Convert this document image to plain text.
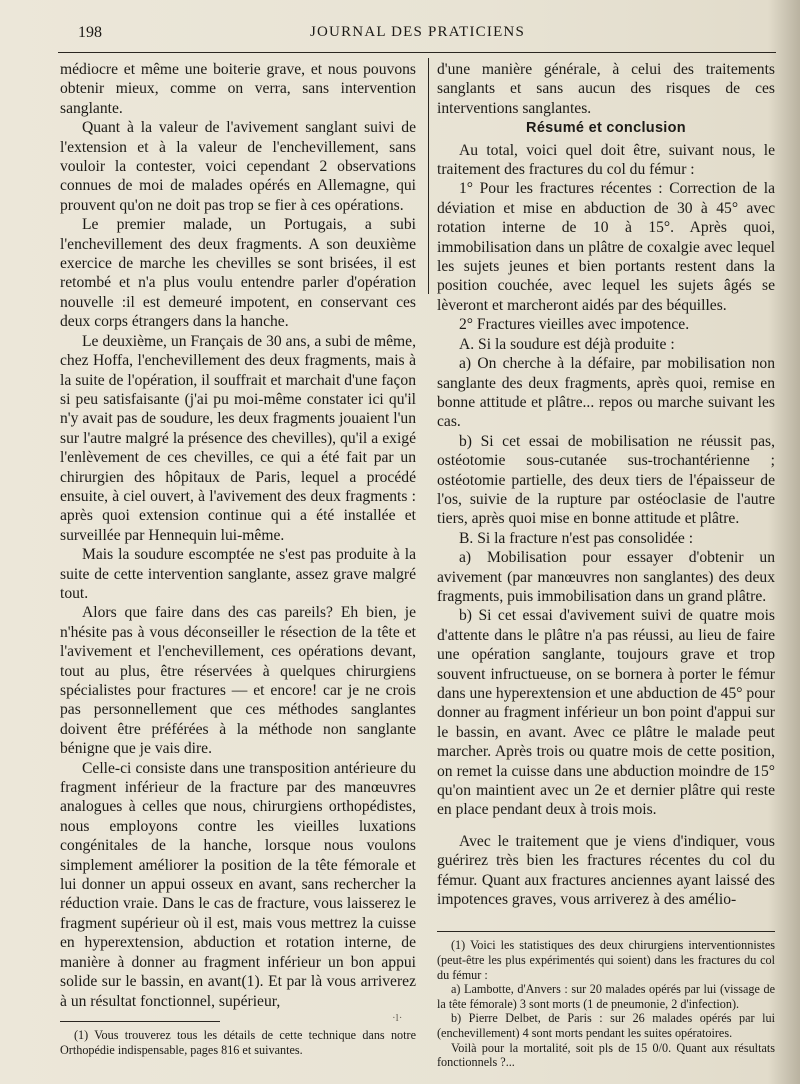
198	JOURNAL DES PRATICIENS

médiocre et même une boiterie grave, et nous pouvons obtenir mieux, comme on verra, sans intervention sanglante.

Quant à la valeur de l'avivement sanglant suivi de l'extension et à la valeur de l'enchevillement, sans vouloir la contester, voici cependant 2 observations connues de moi de malades opérés en Allemagne, qui prouvent qu'on ne doit pas trop se fier à ces opérations.

Le premier malade, un Portugais, a subi l'enchevillement des deux fragments. A son deuxième exercice de marche les chevilles se sont brisées, il est retombé et n'a plus voulu entendre parler d'opération nouvelle :il est demeuré impotent, en conservant ces deux corps étrangers dans la hanche.

Le deuxième, un Français de 30 ans, a subi de même, chez Hoffa, l'enchevillement des deux fragments, mais à la suite de l'opération, il souffrait et marchait d'une façon si peu satisfaisante (j'ai pu moi-même constater ici qu'il n'y avait pas de soudure, les deux fragments jouaient l'un sur l'autre malgré la présence des chevilles), qu'il a exigé l'enlèvement de ces chevilles, ce qui a été fait par un chirurgien des hôpitaux de Paris, lequel a procédé ensuite, à ciel ouvert, à l'avivement des deux fragments : après quoi extension continue qui a été installée et surveillée par Hennequin lui-même.

Mais la soudure escomptée ne s'est pas produite à la suite de cette intervention sanglante, assez grave malgré tout.

Alors que faire dans des cas pareils? Eh bien, je n'hésite pas à vous déconseiller le résection de la tête et l'avivement et l'enchevillement, ces opérations devant, tout au plus, être réservées à quelques chirurgiens spécialistes pour fractures — et encore! car je ne crois pas personnellement que ces méthodes sanglantes doivent être préférées à la méthode non sanglante bénigne que je vais dire.

Celle-ci consiste dans une transposition antérieure du fragment inférieur de la fracture par des manœuvres analogues à celles que nous, chirurgiens orthopédistes, nous employons contre les vieilles luxations congénitales de la hanche, lorsque nous voulons simplement améliorer la position de la tête fémorale et lui donner un appui osseux en avant, sans rechercher la réduction vraie. Dans le cas de fracture, vous laisserez le fragment supérieur où il est, mais vous mettrez la cuisse en hyperextension, abduction et rotation interne, de manière à donner au fragment inférieur un bon appui solide sur le bassin, en avant(1). Et par là vous arriverez à un résultat fonctionnel, supérieur,

(1) Vous trouverez tous les détails de cette technique dans notre Orthopédie indispensable, pages 816 et suivantes.

d'une manière générale, à celui des traitements sanglants et sans aucun des risques de ces interventions sanglantes.

Résumé et conclusion

Au total, voici quel doit être, suivant nous, le traitement des fractures du col du fémur :

1° Pour les fractures récentes : Correction de la déviation et mise en abduction de 30 à 45° avec rotation interne de 10 à 15°. Après quoi, immobilisation dans un plâtre de coxalgie avec lequel les sujets jeunes et bien portants restent dans la position couchée, avec lequel les sujets âgés se lèveront et marcheront aidés par des béquilles.

2° Fractures vieilles avec impotence.

A. Si la soudure est déjà produite :

a) On cherche à la défaire, par mobilisation non sanglante des deux fragments, après quoi, remise en bonne attitude et plâtre... repos ou marche suivant les cas.

b) Si cet essai de mobilisation ne réussit pas, ostéotomie sous-cutanée sus-trochantérienne ; ostéotomie partielle, des deux tiers de l'épaisseur de l'os, suivie de la rupture par ostéoclasie de l'autre tiers, après quoi mise en bonne attitude et plâtre.

B. Si la fracture n'est pas consolidée :

a) Mobilisation pour essayer d'obtenir un avivement (par manœuvres non sanglantes) des deux fragments, puis immobilisation dans un grand plâtre.

b) Si cet essai d'avivement suivi de quatre mois d'attente dans le plâtre n'a pas réussi, au lieu de faire une opération sanglante, toujours grave et trop souvent infructueuse, on se bornera à porter le fémur dans une hyperextension et une abduction de 45° pour donner au fragment inférieur un bon point d'appui sur le bassin, en avant. Avec ce plâtre le malade peut marcher. Après trois ou quatre mois de cette position, on remet la cuisse dans une abduction moindre de 15° qu'on maintient avec un 2e et dernier plâtre qui reste en place pendant deux à trois mois.

Avec le traitement que je viens d'indiquer, vous guérirez très bien les fractures récentes du col du fémur. Quant aux fractures anciennes ayant laissé des impotences graves, vous arriverez à des amélio-

(1) Voici les statistiques des deux chirurgiens interventionnistes (peut-être les plus expérimentés qui soient) dans les fractures du col du fémur :

a) Lambotte, d'Anvers : sur 20 malades opérés par lui (vissage de la tête fémorale) 3 sont morts (1 de pneumonie, 2 d'infection).

b) Pierre Delbet, de Paris : sur 26 malades opérés par lui (enchevillement) 4 sont morts pendant les suites opératoires.

Voilà pour la mortalité, soit pls de 15 0/0. Quant aux résultats fonctionnels ?...

·l·
